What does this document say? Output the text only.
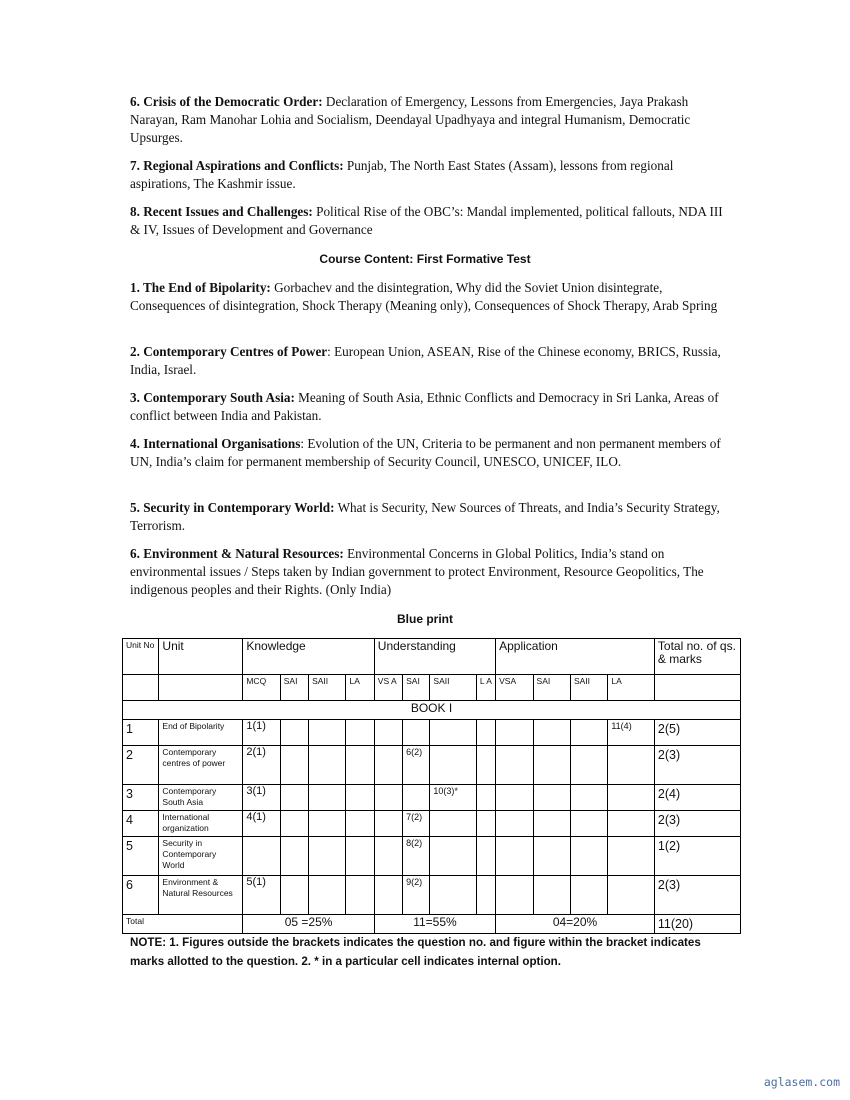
6. Crisis of the Democratic Order: Declaration of Emergency, Lessons from Emergencies, Jaya Prakash Narayan, Ram Manohar Lohia and Socialism, Deendayal Upadhyaya and integral Humanism, Democratic Upsurges.

7. Regional Aspirations and Conflicts: Punjab, The North East States (Assam), lessons from regional aspirations, The Kashmir issue.

8. Recent Issues and Challenges: Political Rise of the OBC’s: Mandal implemented, political fallouts, NDA III & IV, Issues of Development and Governance

Course Content: First Formative Test

1. The End of Bipolarity: Gorbachev and the disintegration, Why did the Soviet Union disintegrate, Consequences of disintegration, Shock Therapy (Meaning only), Consequences of Shock Therapy, Arab Spring

2. Contemporary Centres of Power: European Union, ASEAN, Rise of the Chinese economy, BRICS, Russia, India, Israel.

3. Contemporary South Asia: Meaning of South Asia, Ethnic Conflicts and Democracy in Sri Lanka, Areas of conflict between India and Pakistan.

4. International Organisations: Evolution of the UN, Criteria to be permanent and non permanent members of UN, India’s claim for permanent membership of Security Council, UNESCO, UNICEF, ILO.

5. Security in Contemporary World: What is Security, New Sources of Threats, and India’s Security Strategy, Terrorism.

6. Environment & Natural Resources: Environmental Concerns in Global Politics, India’s stand on environmental issues / Steps taken by Indian government to protect Environment, Resource Geopolitics, The indigenous peoples and their Rights. (Only India)

Blue print

Unit No	Unit	Knowledge				Understanding				Application				Total no. of qs. & marks
		MCQ	SAI	SAII	LA	VS A	SAI	SAII	L A	VSA	SAI	SAII	LA	
BOOK I														
1	End of Bipolarity	1(1)											11(4)	2(5)
2	Contemporary centres of power	2(1)					6(2)							2(3)
3	Contemporary South Asia	3(1)						10(3)*						2(4)
4	International organization	4(1)					7(2)							2(3)
5	Security in Contemporary World						8(2)							1(2)
6	Environment & Natural Resources	5(1)					9(2)							2(3)
Total		05 =25%				11=55%				04=20%				11(20)

NOTE: 1. Figures outside the brackets indicates the question no. and figure within the bracket indicates marks allotted to the question. 2. * in a particular cell indicates internal option.

aglasem.com
